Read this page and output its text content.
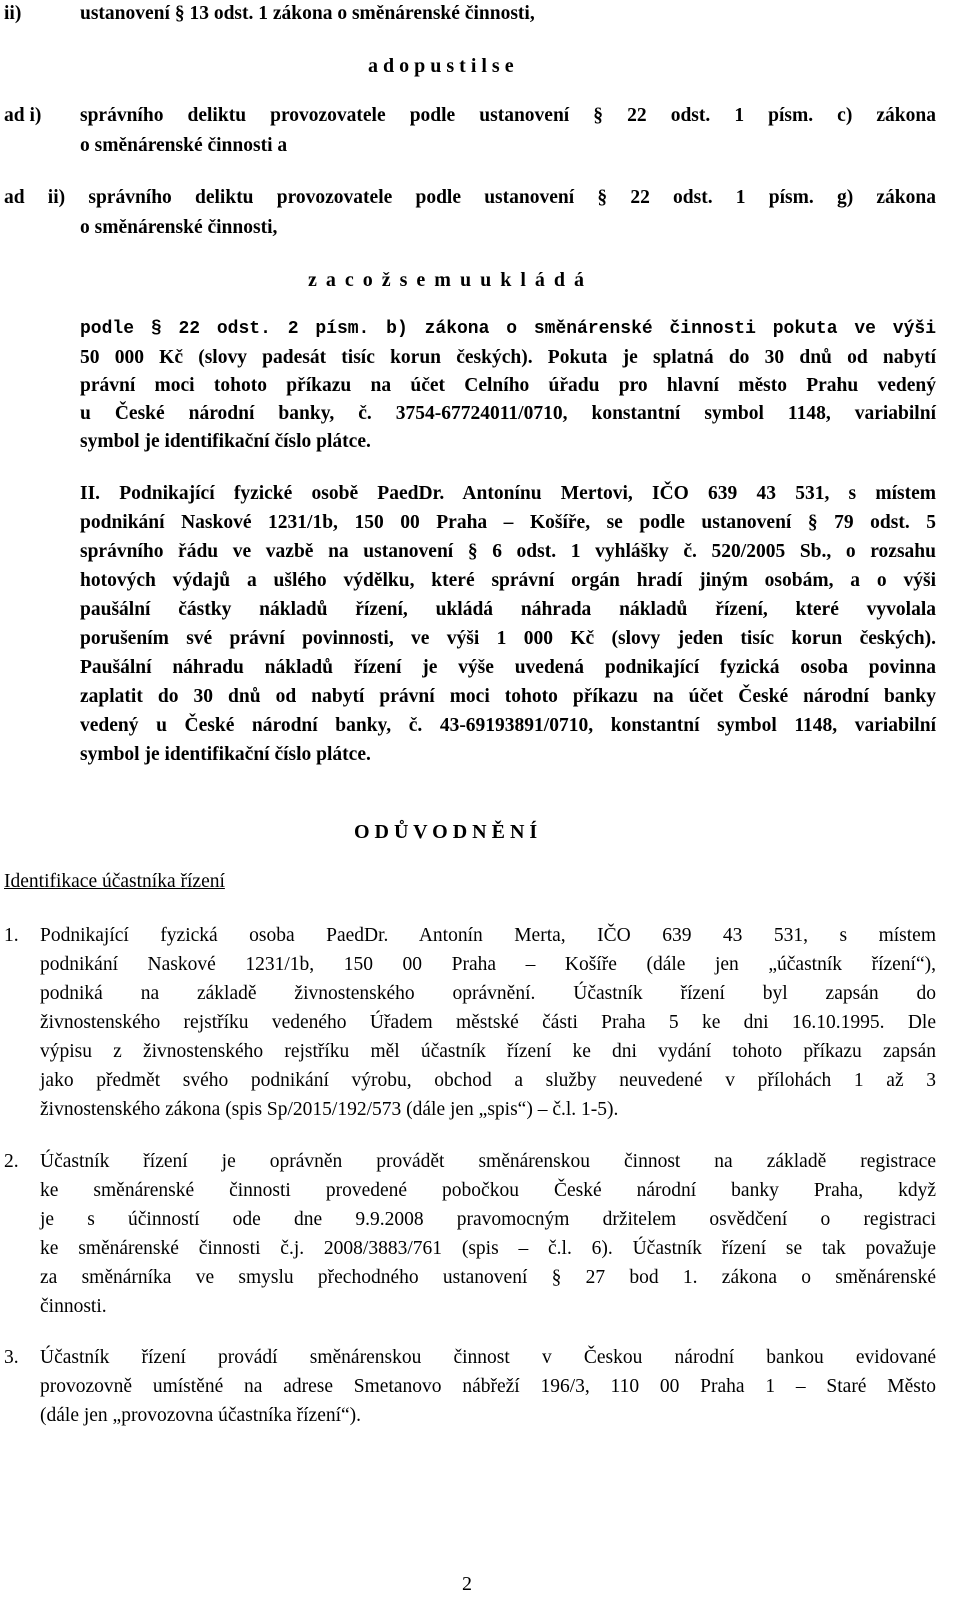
ii)	ustanovení § 13 odst. 1 zákona o směnárenské činnosti,
a d o p u s t i l s e
ad i) správního deliktu provozovatele podle ustanovení § 22 odst. 1 písm. c) zákona
o směnárenské činnosti a
ad ii) správního deliktu provozovatele podle ustanovení § 22 odst. 1 písm. g) zákona
o směnárenské činnosti,
z a c o ž s e m u u k l á d á
podle § 22 odst. 2 písm. b) zákona o směnárenské činnosti pokuta ve výši
50 000 Kč (slovy padesát tisíc korun českých). Pokuta je splatná do 30 dnů od nabytí
právní moci tohoto příkazu na účet Celního úřadu pro hlavní město Prahu vedený
u České národní banky, č. 3754-67724011/0710, konstantní symbol 1148, variabilní
symbol je identifikační číslo plátce.
II. Podnikající fyzické osobě PaedDr. Antonínu Mertovi, IČO 639 43 531, s místem
podnikání Naskové 1231/1b, 150 00 Praha – Košíře, se podle ustanovení § 79 odst. 5
správního řádu ve vazbě na ustanovení § 6 odst. 1 vyhlášky č. 520/2005 Sb., o rozsahu
hotových výdajů a ušlého výdělku, které správní orgán hradí jiným osobám, a o výši
paušální částky nákladů řízení, ukládá náhrada nákladů řízení, které vyvolala
porušením své právní povinnosti, ve výši 1 000 Kč (slovy jeden tisíc korun českých).
Paušální náhradu nákladů řízení je výše uvedená podnikající fyzická osoba povinna
zaplatit do 30 dnů od nabytí právní moci tohoto příkazu na účet České národní banky
vedený u České národní banky, č. 43-69193891/0710, konstantní symbol 1148, variabilní
symbol je identifikační číslo plátce.
O D Ů V O D N Ě N Í
Identifikace účastníka řízení
1. Podnikající fyzická osoba PaedDr. Antonín Merta, IČO 639 43 531, s místem
podnikání Naskové 1231/1b, 150 00 Praha – Košíře (dále jen „účastník řízení“),
podniká na základě živnostenského oprávnění. Účastník řízení byl zapsán do
živnostenského rejstříku vedeného Úřadem městské části Praha 5 ke dni 16.10.1995. Dle
výpisu z živnostenského rejstříku měl účastník řízení ke dni vydání tohoto příkazu zapsán
jako předmět svého podnikání výrobu, obchod a služby neuvedené v přílohách 1 až 3
živnostenského zákona (spis Sp/2015/192/573 (dále jen „spis“) – č.l. 1-5).
2. Účastník řízení je oprávněn provádět směnárenskou činnost na základě registrace
ke směnárenské činnosti provedené pobočkou České národní banky Praha, když
je s účinností ode dne 9.9.2008 pravomocným držitelem osvědčení o registraci
ke směnárenské činnosti č.j. 2008/3883/761 (spis – č.l. 6). Účastník řízení se tak považuje
za směnárníka ve smyslu přechodného ustanovení § 27 bod 1. zákona o směnárenské
činnosti.
3. Účastník řízení provádí směnárenskou činnost v Českou národní bankou evidované
provozovně umístěné na adrese Smetanovo nábřeží 196/3, 110 00 Praha 1 – Staré Město
(dále jen „provozovna účastníka řízení“).
2
